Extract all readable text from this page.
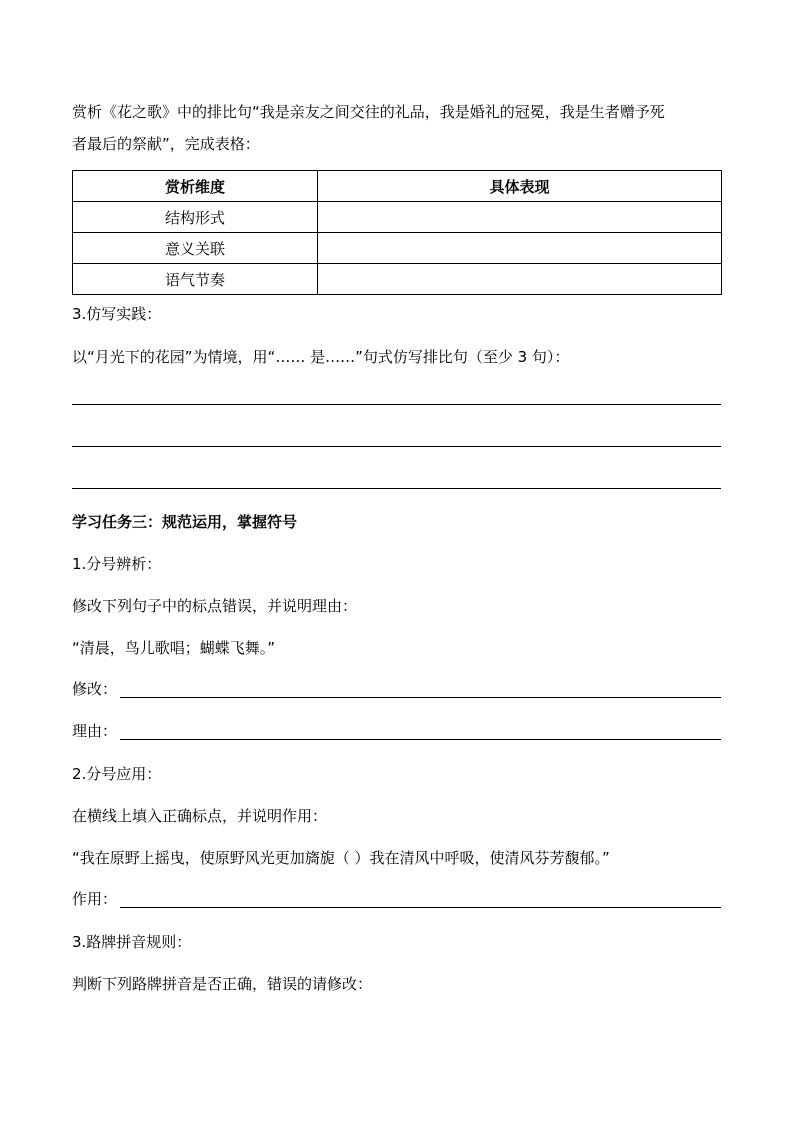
赏析《花之歌》中的排比句“我是亲友之间交往的礼品，我是婚礼的冠冕，我是生者赠予死
者最后的祭献”，完成表格：
赏析维度	具体表现
结构形式	
意义关联	
语气节奏	
3.仿写实践：
以“月光下的花园”为情境，用“…… 是……”句式仿写排比句（至少 3 句）：
学习任务三：规范运用，掌握符号
1.分号辨析：
修改下列句子中的标点错误，并说明理由：
“清晨，鸟儿歌唱；蝴蝶飞舞。”
修改：
理由：
2.分号应用：
在横线上填入正确标点，并说明作用：
“我在原野上摇曳，使原野风光更加旖旎（ ）我在清风中呼吸，使清风芬芳馥郁。”
作用：
3.路牌拼音规则：
判断下列路牌拼音是否正确，错误的请修改：
